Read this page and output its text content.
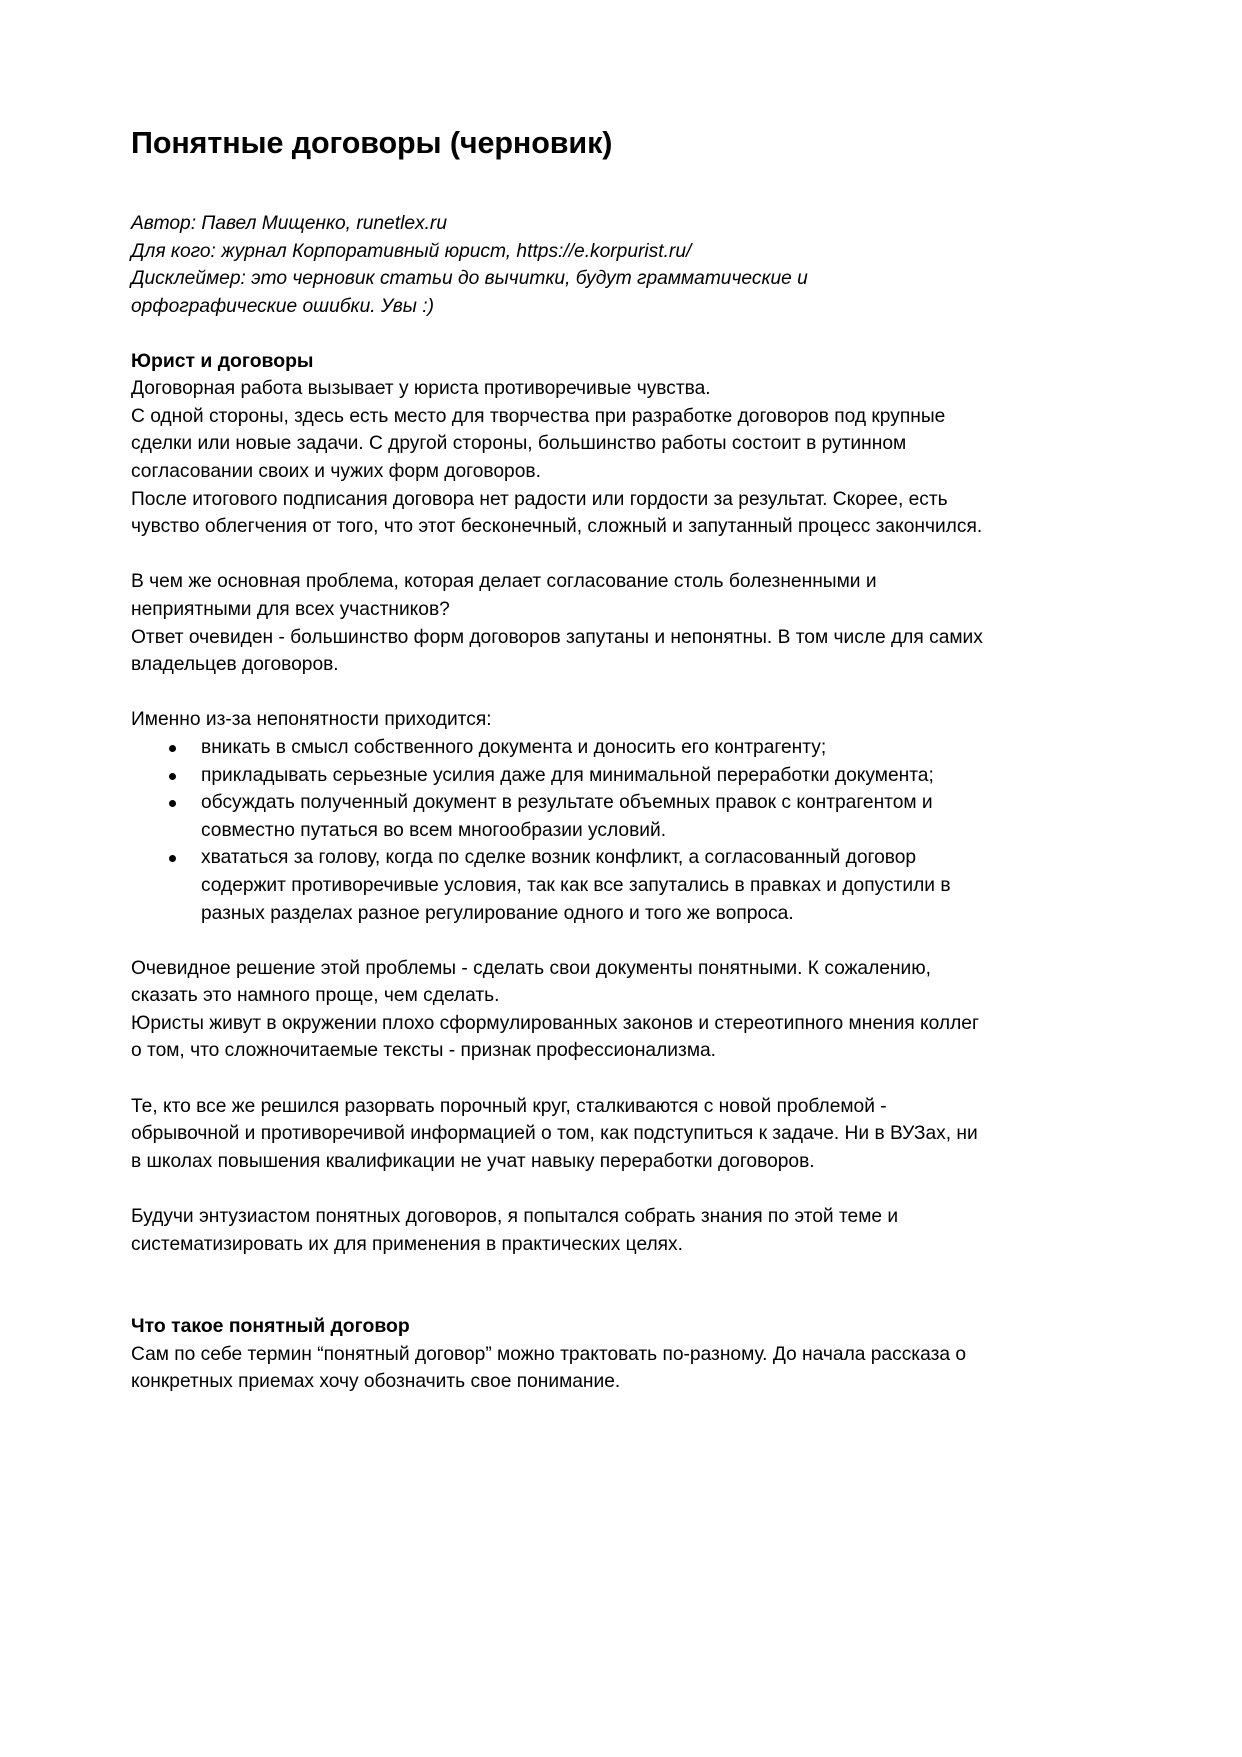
Понятные договоры (черновик)
Автор: Павел Мищенко, runetlex.ru
Для кого: журнал Корпоративный юрист, https://e.korpurist.ru/
Дисклеймер: это черновик статьи до вычитки, будут грамматические и
орфографические ошибки. Увы :)
Юрист и договоры

Договорная работа вызывает у юриста противоречивые чувства.

С одной стороны, здесь есть место для творчества при разработке договоров под крупные сделки или новые задачи. С другой стороны, большинство работы состоит в рутинном согласовании своих и чужих форм договоров.

После итогового подписания договора нет радости или гордости за результат. Скорее, есть чувство облегчения от того, что этот бесконечный, сложный и запутанный процесс закончился.

В чем же основная проблема, которая делает согласование столь болезненными и неприятными для всех участников?

Ответ очевиден - большинство форм договоров запутаны и непонятны. В том числе для самих владельцев договоров.

Именно из-за непонятности приходится:

вникать в смысл собственного документа и доносить его контрагенту;
прикладывать серьезные усилия даже для минимальной переработки документа;
обсуждать полученный документ в результате объемных правок с контрагентом и совместно путаться во всем многообразии условий.
хвататься за голову, когда по сделке возник конфликт, а согласованный договор содержит противоречивые условия, так как все запутались в правках и допустили в разных разделах разное регулирование одного и того же вопроса.

Очевидное решение этой проблемы - сделать свои документы понятными. К сожалению, сказать это намного проще, чем сделать.

Юристы живут в окружении плохо сформулированных законов и стереотипного мнения коллег о том, что сложночитаемые тексты - признак профессионализма.

Те, кто все же решился разорвать порочный круг, сталкиваются с новой проблемой - обрывочной и противоречивой информацией о том, как подступиться к задаче. Ни в ВУЗах, ни в школах повышения квалификации не учат навыку переработки договоров.

Будучи энтузиастом понятных договоров, я попытался собрать знания по этой теме и систематизировать их для применения в практических целях.

Что такое понятный договор

Сам по себе термин “понятный договор” можно трактовать по-разному. До начала рассказа о конкретных приемах хочу обозначить свое понимание.
